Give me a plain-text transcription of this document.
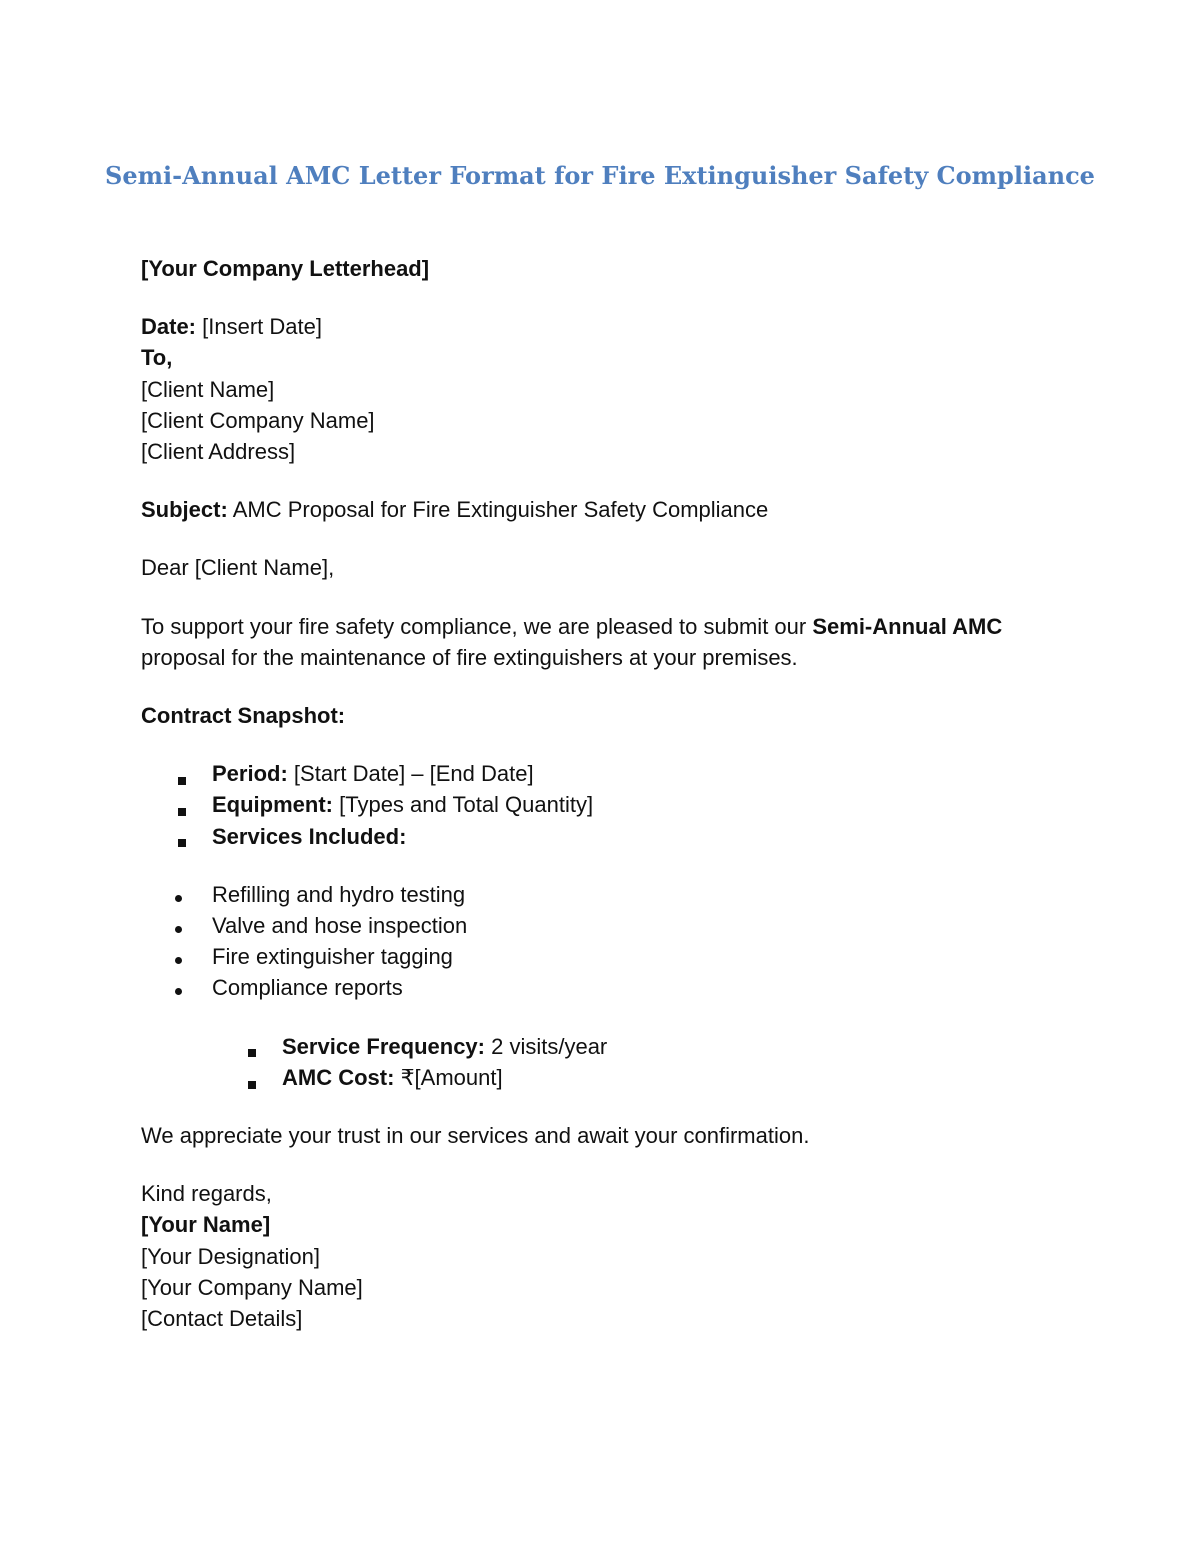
Semi-Annual AMC Letter Format for Fire Extinguisher Safety Compliance
[Your Company Letterhead]
Date: [Insert Date]
To,
[Client Name]
[Client Company Name]
[Client Address]
Subject: AMC Proposal for Fire Extinguisher Safety Compliance
Dear [Client Name],
To support your fire safety compliance, we are pleased to submit our Semi-Annual AMC
proposal for the maintenance of fire extinguishers at your premises.
Contract Snapshot:
Period: [Start Date] – [End Date]
Equipment: [Types and Total Quantity]
Services Included:
Refilling and hydro testing
Valve and hose inspection
Fire extinguisher tagging
Compliance reports
Service Frequency: 2 visits/year
AMC Cost: ₹[Amount]
We appreciate your trust in our services and await your confirmation.
Kind regards,
[Your Name]
[Your Designation]
[Your Company Name]
[Contact Details]
